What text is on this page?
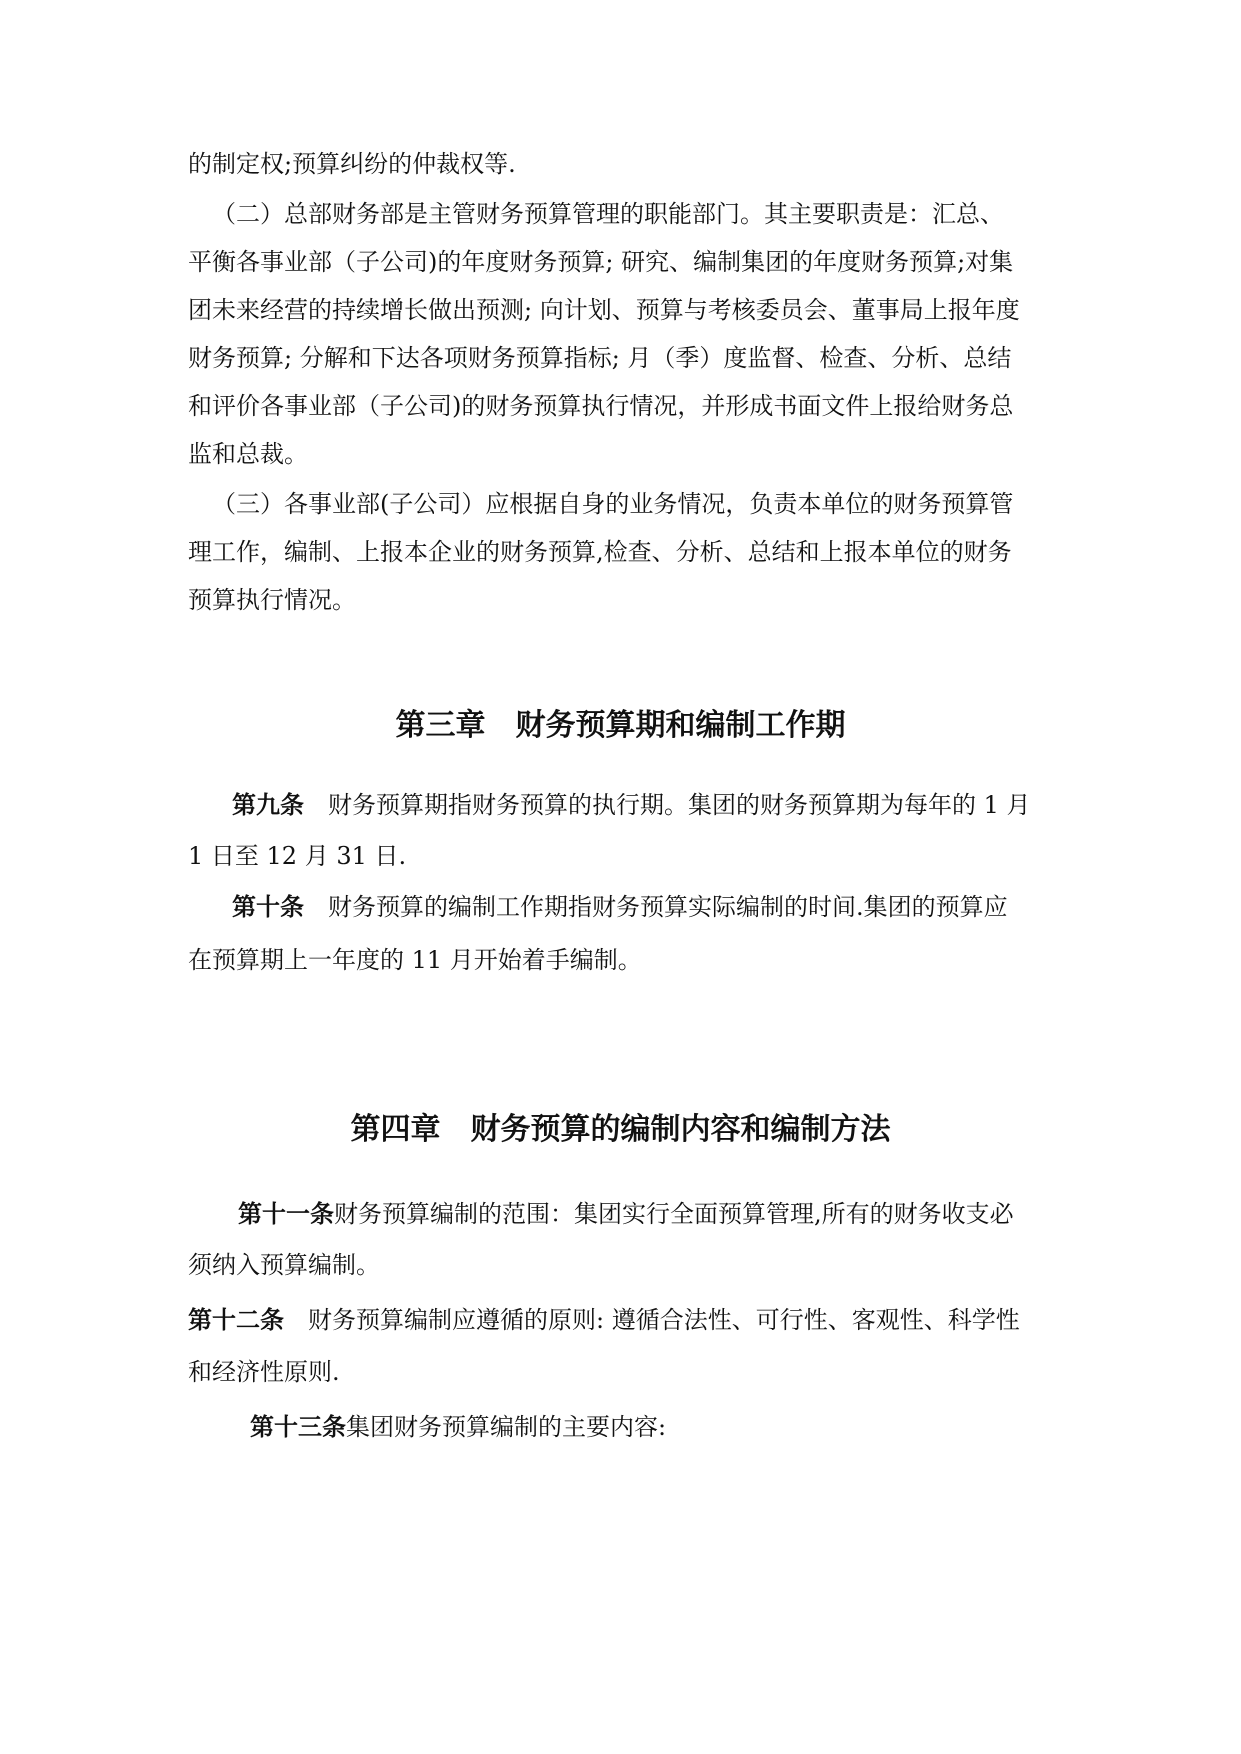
的制定权;预算纠纷的仲裁权等.
（二）总部财务部是主管财务预算管理的职能部门。其主要职责是：汇总、
平衡各事业部（子公司)的年度财务预算; 研究、编制集团的年度财务预算;对集
团未来经营的持续增长做出预测; 向计划、预算与考核委员会、董事局上报年度
财务预算; 分解和下达各项财务预算指标; 月（季）度监督、检查、分析、总结
和评价各事业部（子公司)的财务预算执行情况，并形成书面文件上报给财务总
监和总裁。
（三）各事业部(子公司）应根据自身的业务情况，负责本单位的财务预算管
理工作，编制、上报本企业的财务预算,检查、分析、总结和上报本单位的财务
预算执行情况。
第三章　财务预算期和编制工作期
第九条　财务预算期指财务预算的执行期。集团的财务预算期为每年的 1 月
1 日至 12 月 31 日.
第十条　财务预算的编制工作期指财务预算实际编制的时间.集团的预算应
在预算期上一年度的 11 月开始着手编制。
第四章　财务预算的编制内容和编制方法
第十一条财务预算编制的范围：集团实行全面预算管理,所有的财务收支必
须纳入预算编制。
第十二条　财务预算编制应遵循的原则: 遵循合法性、可行性、客观性、科学性
和经济性原则.
第十三条集团财务预算编制的主要内容:
